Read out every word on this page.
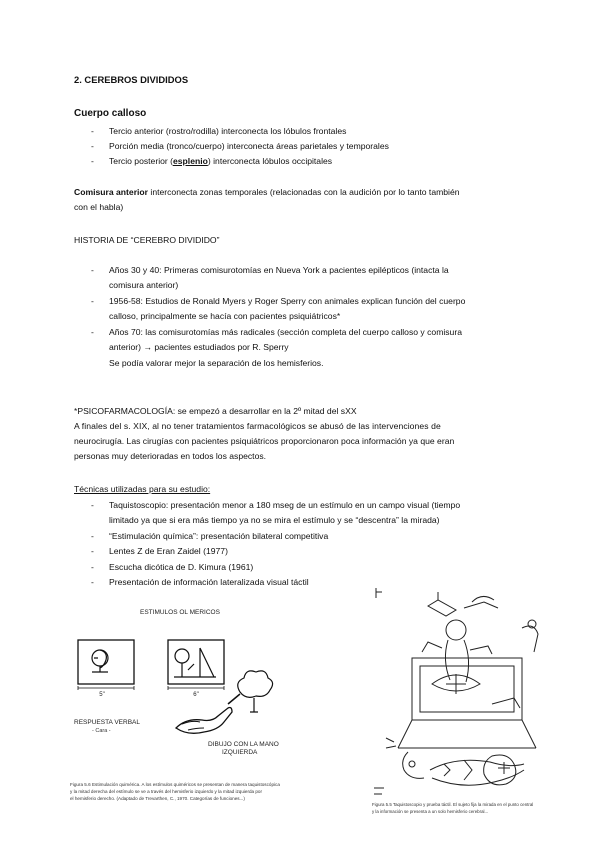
2. CEREBROS DIVIDIDOS
Cuerpo calloso
- Tercio anterior (rostro/rodilla) interconecta los lóbulos frontales
- Porción media (tronco/cuerpo) interconecta áreas parietales y temporales
- Tercio posterior (esplenio) interconecta lóbulos occipitales
Comisura anterior interconecta zonas temporales (relacionadas con la audición por lo tanto también
con el habla)
HISTORIA DE “CEREBRO DIVIDIDO”
- Años 30 y 40: Primeras comisurotomías en Nueva York a pacientes epilépticos (intacta la
comisura anterior)
- 1956-58: Estudios de Ronald Myers y Roger Sperry con animales explican función del cuerpo
calloso, principalmente se hacía con pacientes psiquiátricos*
- Años 70: las comisurotomías más radicales (sección completa del cuerpo calloso y comisura
anterior) → pacientes estudiados por R. Sperry
Se podía valorar mejor la separación de los hemisferios.
*PSICOFARMACOLOGÍA: se empezó a desarrollar en la 2º mitad del sXX
A finales del s. XIX, al no tener tratamientos farmacológicos se abusó de las intervenciones de
neurocirugía. Las cirugías con pacientes psiquiátricos proporcionaron poca información ya que eran
personas muy deterioradas en todos los aspectos.
Técnicas utilizadas para su estudio:
- Taquistoscopio: presentación menor a 180 mseg de un estímulo en un campo visual (tiempo
limitado ya que si era más tiempo ya no se mira el estímulo y se “descentra” la mirada)
- “Estimulación química”: presentación bilateral competitiva
- Lentes Z de Eran Zaidel (1977)
- Escucha dicótica de D. Kimura (1961)
- Presentación de información lateralizada visual táctil
ESTIMULOS OL MERICOS
5"	6"
RESPUESTA VERBAL
- Cara -
DIBUJO CON LA MANO
IZQUIERDA
Figura 5.6 Estimulación quimérica. A los estímulos quiméricos se presentan de manera taquistoscópica
y la mitad derecha del estímulo se ve a través del hemisferio izquierdo y la mitad izquierda por
el hemisferio derecho. (Adaptado de Trevarthen, C., 1970. Categorías de funciones...)
Figura 5.5 Taquistoscopio y prueba táctil. El sujeto fija la mirada en el punto central
y la información se presenta a un solo hemisferio cerebral...
